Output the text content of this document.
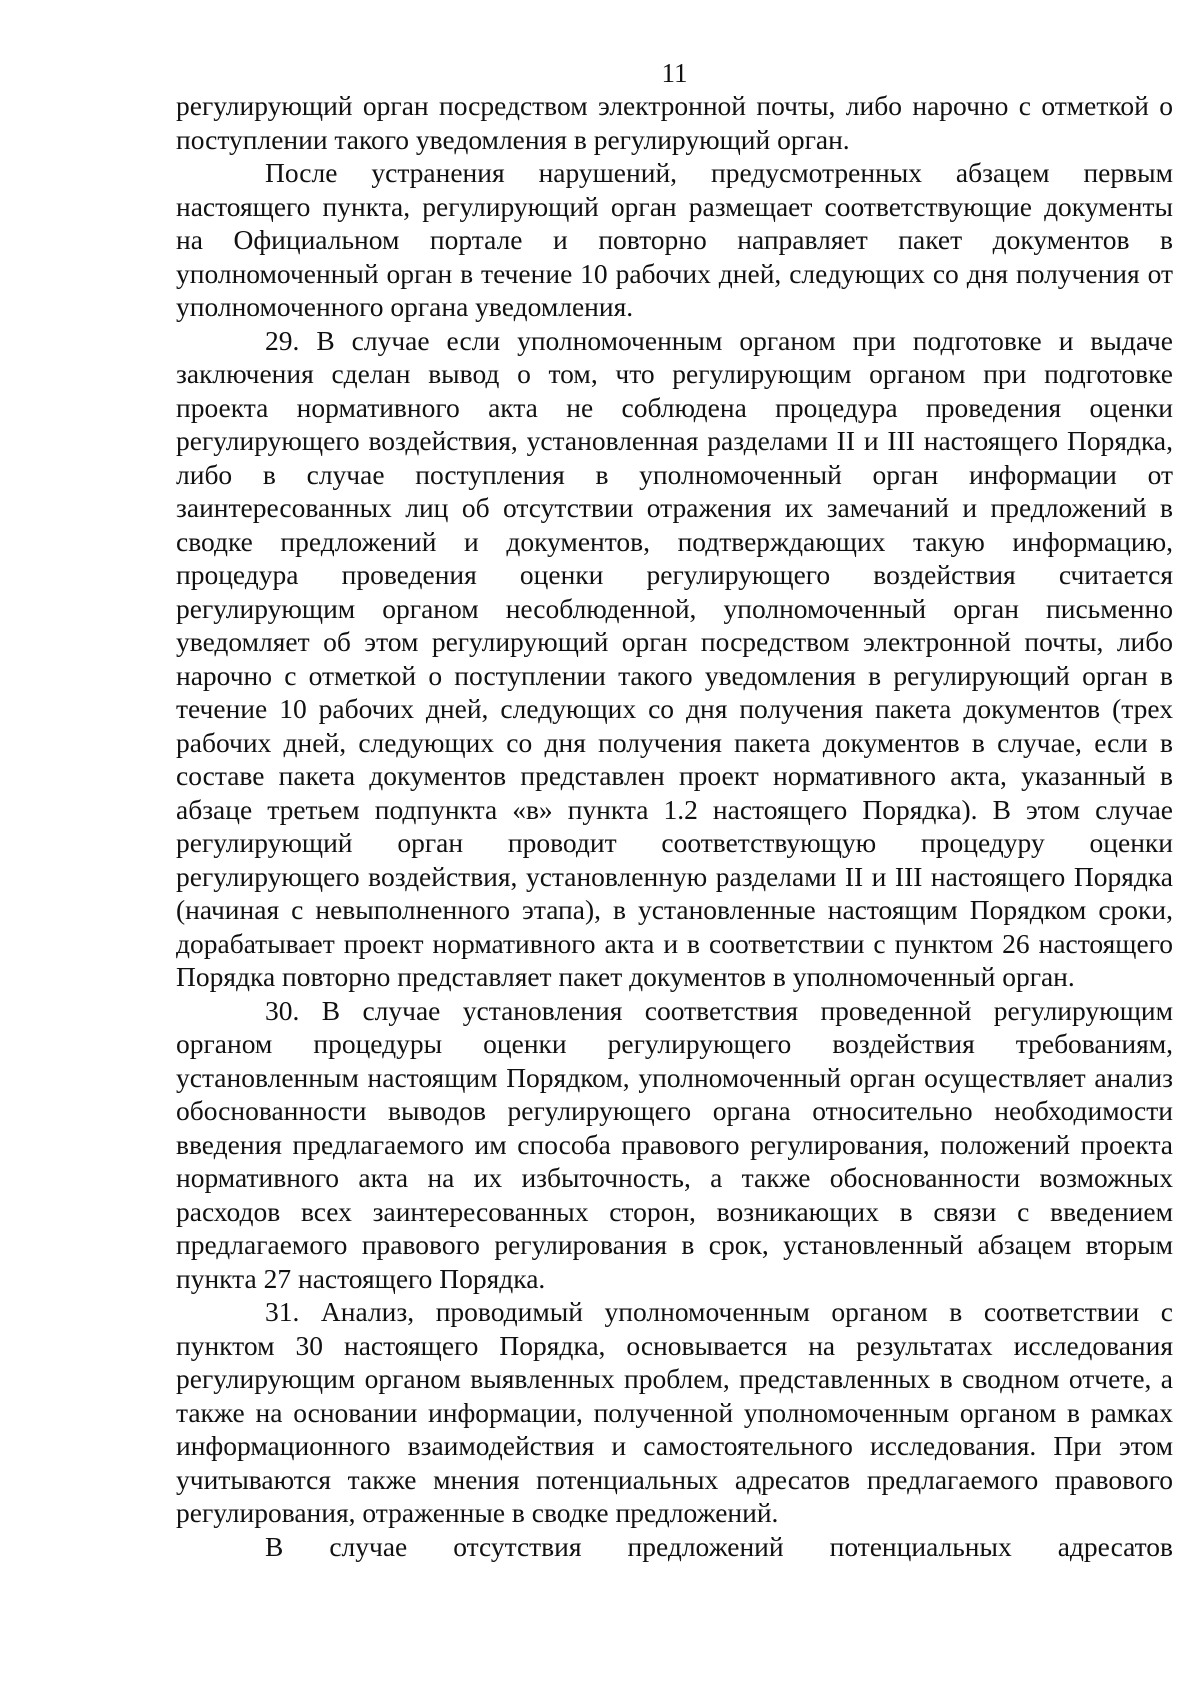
11

регулирующий орган посредством электронной почты, либо нарочно с отметкой о поступлении такого уведомления в регулирующий орган.

После устранения нарушений, предусмотренных абзацем первым настоящего пункта, регулирующий орган размещает соответствующие документы на Официальном портале и повторно направляет пакет документов в уполномоченный орган в течение 10 рабочих дней, следующих со дня получения от уполномоченного органа уведомления.

29. В случае если уполномоченным органом при подготовке и выдаче заключения сделан вывод о том, что регулирующим органом при подготовке проекта нормативного акта не соблюдена процедура проведения оценки регулирующего воздействия, установленная разделами II и III настоящего Порядка, либо в случае поступления в уполномоченный орган информации от заинтересованных лиц об отсутствии отражения их замечаний и предложений в сводке предложений и документов, подтверждающих такую информацию, процедура проведения оценки регулирующего воздействия считается регулирующим органом несоблюденной, уполномоченный орган письменно уведомляет об этом регулирующий орган посредством электронной почты, либо нарочно с отметкой о поступлении такого уведомления в регулирующий орган в течение 10 рабочих дней, следующих со дня получения пакета документов (трех рабочих дней, следующих со дня получения пакета документов в случае, если в составе пакета документов представлен проект нормативного акта, указанный в абзаце третьем подпункта «в» пункта 1.2 настоящего Порядка). В этом случае регулирующий орган проводит соответствующую процедуру оценки регулирующего воздействия, установленную разделами II и III настоящего Порядка (начиная с невыполненного этапа), в установленные настоящим Порядком сроки, дорабатывает проект нормативного акта и в соответствии с пунктом 26 настоящего Порядка повторно представляет пакет документов в уполномоченный орган.

30. В случае установления соответствия проведенной регулирующим органом процедуры оценки регулирующего воздействия требованиям, установленным настоящим Порядком, уполномоченный орган осуществляет анализ обоснованности выводов регулирующего органа относительно необходимости введения предлагаемого им способа правового регулирования, положений проекта нормативного акта на их избыточность, а также обоснованности возможных расходов всех заинтересованных сторон, возникающих в связи с введением предлагаемого правового регулирования в срок, установленный абзацем вторым пункта 27 настоящего Порядка.

31. Анализ, проводимый уполномоченным органом в соответствии с пунктом 30 настоящего Порядка, основывается на результатах исследования регулирующим органом выявленных проблем, представленных в сводном отчете, а также на основании информации, полученной уполномоченным органом в рамках информационного взаимодействия и самостоятельного исследования. При этом учитываются также мнения потенциальных адресатов предлагаемого правового регулирования, отраженные в сводке предложений.

В случае отсутствия предложений потенциальных адресатов
